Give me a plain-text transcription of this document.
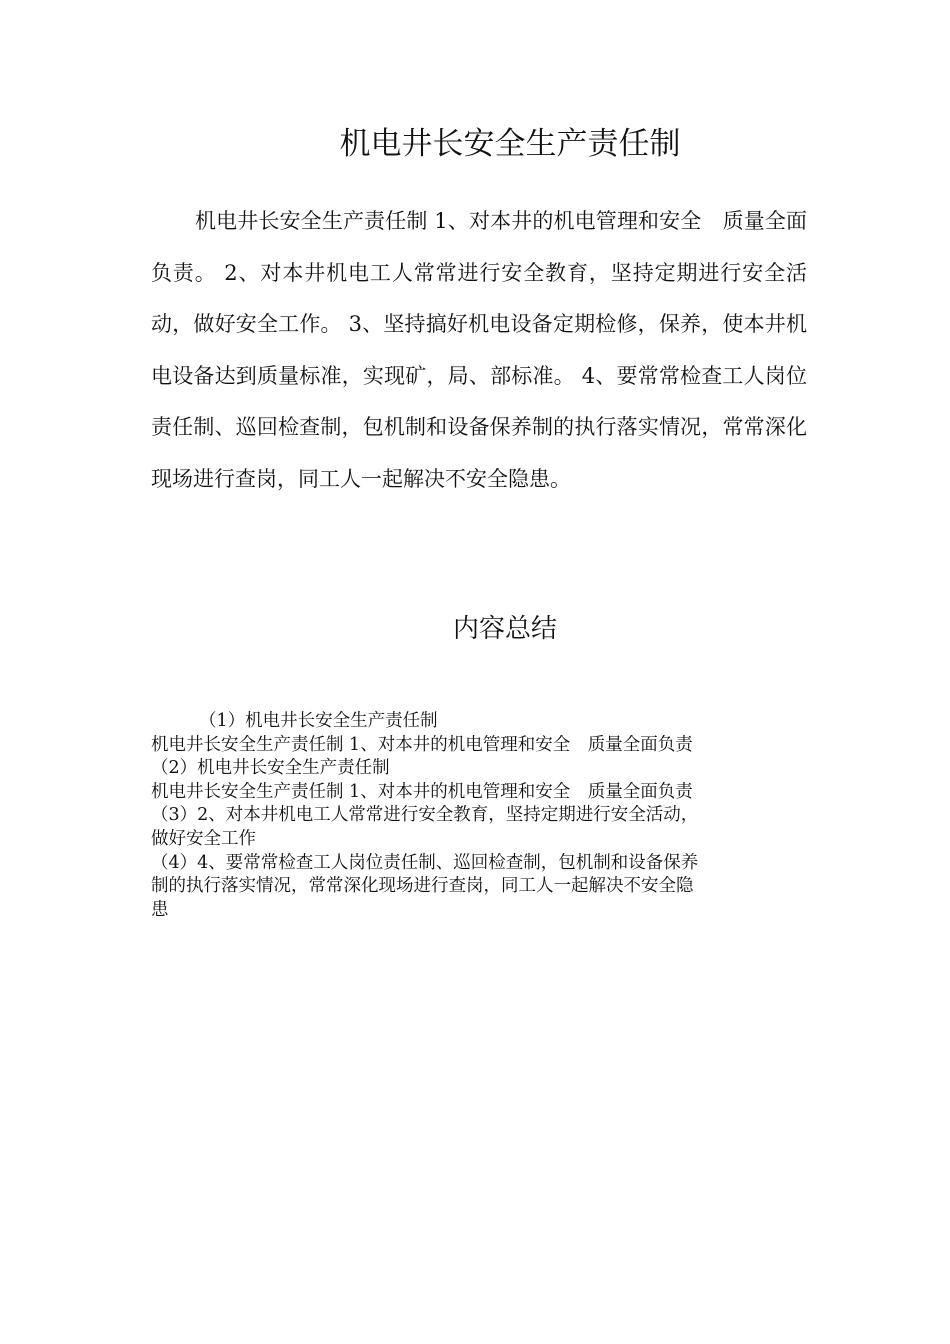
机电井长安全生产责任制

机电井长安全生产责任制 1、对本井的机电管理和安全　质量全面负责。 2、对本井机电工人常常进行安全教育，坚持定期进行安全活动，做好安全工作。 3、坚持搞好机电设备定期检修，保养，使本井机电设备达到质量标准，实现矿，局、部标准。 4、要常常检查工人岗位责任制、巡回检查制，包机制和设备保养制的执行落实情况，常常深化现场进行查岗，同工人一起解决不安全隐患。

内容总结
（1）机电井长安全生产责任制
机电井长安全生产责任制 1、对本井的机电管理和安全　质量全面负责
（2）机电井长安全生产责任制
机电井长安全生产责任制 1、对本井的机电管理和安全　质量全面负责
（3）2、对本井机电工人常常进行安全教育，坚持定期进行安全活动，
做好安全工作
（4）4、要常常检查工人岗位责任制、巡回检查制，包机制和设备保养
制的执行落实情况，常常深化现场进行查岗，同工人一起解决不安全隐
患
